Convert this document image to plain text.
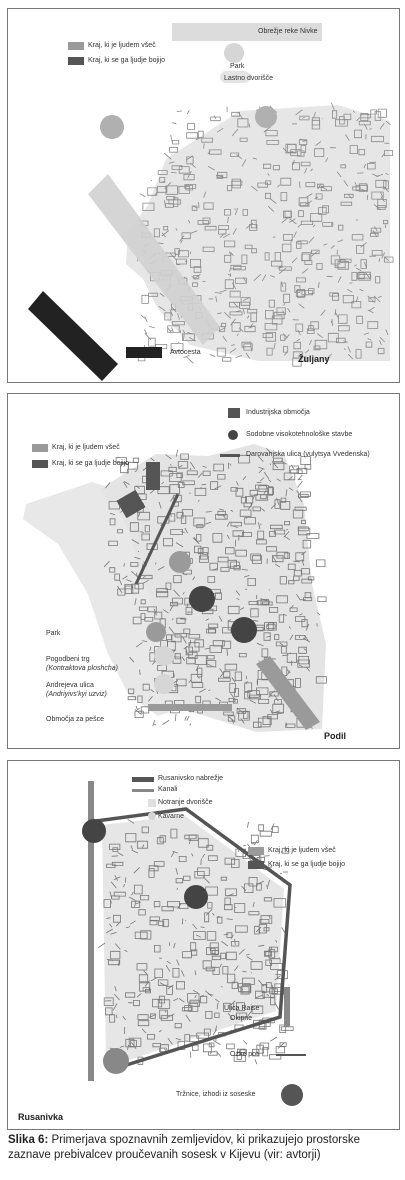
Kraj, ki je ljudem všeč
Kraj, ki se ga ljudje bojijo
Obrežje reke Nivke
Park
Lastno dvorišče
Avtocesta
Žuljany
Kraj, ki je ljudem všeč
Kraj, ki se ga ljudje bojijo
Industrijska območja
Sodobne visokotehnološke stavbe
Darovanjska ulica (vulytsya Vvedenska)
Park
Pogodbeni trg
(Kontraktova ploshcha)
Andrejeva ulica
(Andriyivs'kyi uzviz)
Območja za pešce
Podil
Rusanivsko nabrežje
Kanali
Notranje dvorišče
Kavarne
Kraj, ki je ljudem všeč
Kraj, ki se ga ljudje bojijo
Ulica Raise
Okipne
Ozke poti
Tržnice, izhodi iz soseske
Rusanivka
Slika 6: Primerjava spoznavnih zemljevidov, ki prikazujejo prostorske zaznave prebivalcev proučevanih sosesk v Kijevu (vir: avtorji)
